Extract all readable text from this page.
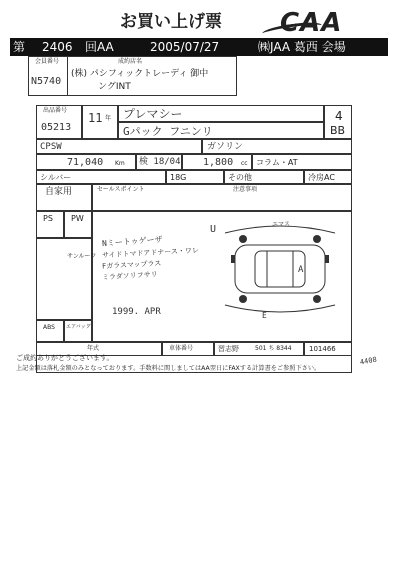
お買い上げ票 CAA
第 2406 回AA	2005/07/27	㈱JAA 葛西 会場
会員番号
N5740
成約店名
(株) パシフィックトレーディ 御中
ングINT
出品番号
05213
11 年 プレマシー
Gパック フニンリ
4
BB
CPSW	ガソリン
71,040 Km 検 18/04 1,800 cc コラム・AT
シルバー	18G	その他	冷房AC
自家用
PS PW
サンルーフ
ABS エアバッグ
セールスポイント	注意事項
Nミートゥゲーザ
サイドトマドアドナース・ワレ
Fガラスマップラス
ミラダソリフサリ
1999. APR
U	エマス
A
E
年式	車体番号	習志野	501 ち 8344 101466
ご成約ありがとうございます。
上記金額は落札金額のみとなっております。手数料に関しましてはAA翌日にFAXする計算書をご参照下さい。
4408
